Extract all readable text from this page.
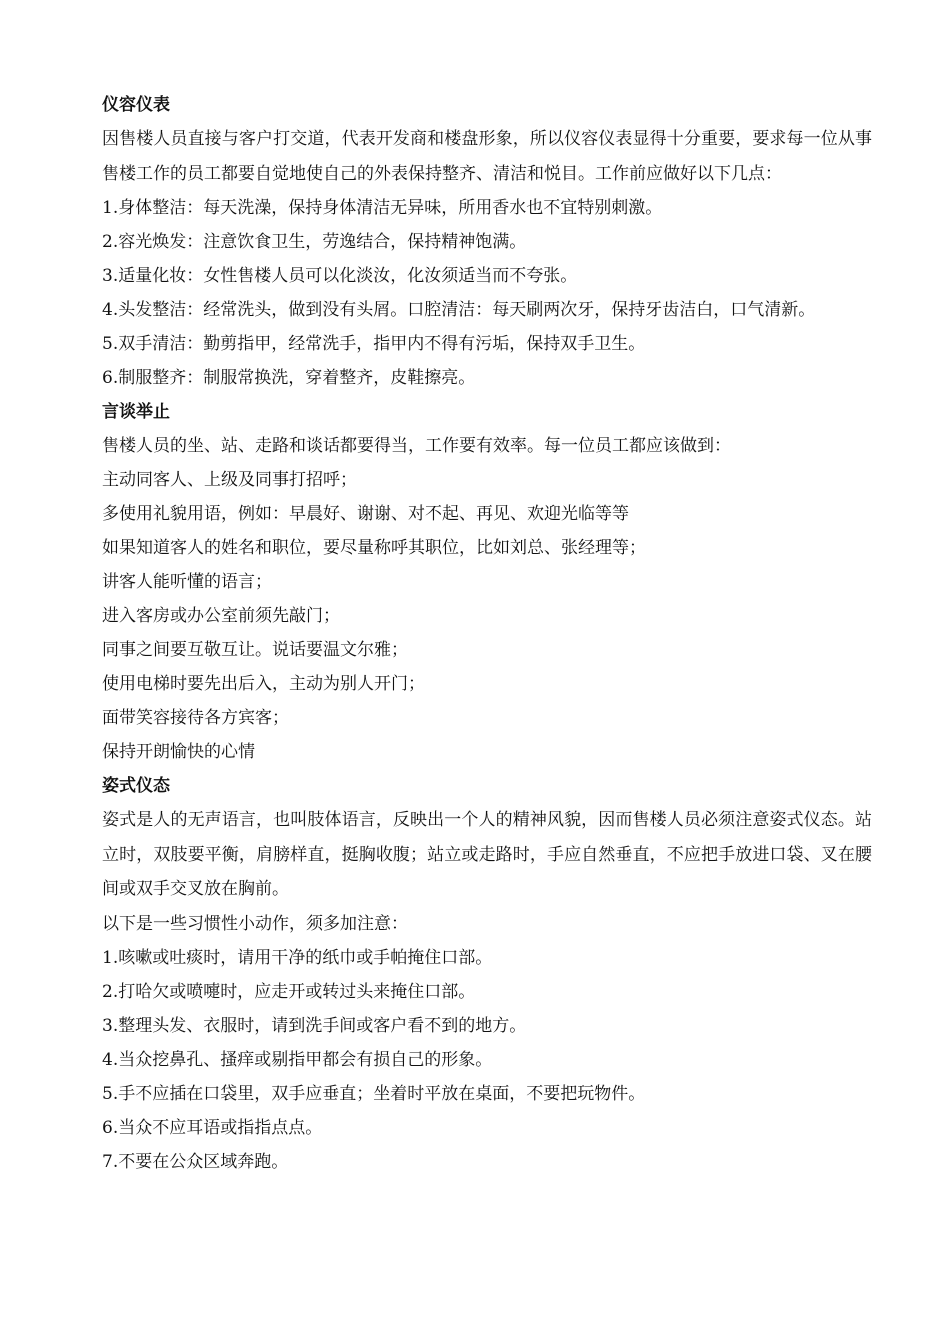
仪容仪表

因售楼人员直接与客户打交道，代表开发商和楼盘形象，所以仪容仪表显得十分重要，要求每一位从事售楼工作的员工都要自觉地使自己的外表保持整齐、清洁和悦目。工作前应做好以下几点：

1.身体整洁：每天洗澡，保持身体清洁无异味，所用香水也不宜特别刺激。
2.容光焕发：注意饮食卫生，劳逸结合，保持精神饱满。
3.适量化妆：女性售楼人员可以化淡汝，化汝须适当而不夸张。
4.头发整洁：经常洗头，做到没有头屑。口腔清洁：每天刷两次牙，保持牙齿洁白，口气清新。
5.双手清洁：勤剪指甲，经常洗手，指甲内不得有污垢，保持双手卫生。
6.制服整齐：制服常换洗，穿着整齐，皮鞋擦亮。
言谈举止
售楼人员的坐、站、走路和谈话都要得当，工作要有效率。每一位员工都应该做到：
主动同客人、上级及同事打招呼；
多使用礼貌用语，例如：早晨好、谢谢、对不起、再见、欢迎光临等等
如果知道客人的姓名和职位，要尽量称呼其职位，比如刘总、张经理等；
讲客人能听懂的语言；
进入客房或办公室前须先敲门；
同事之间要互敬互让。说话要温文尔雅；
使用电梯时要先出后入，主动为别人开门；
面带笑容接待各方宾客；
保持开朗愉快的心情
姿式仪态

姿式是人的无声语言，也叫肢体语言，反映出一个人的精神风貌，因而售楼人员必须注意姿式仪态。站立时，双肢要平衡，肩膀样直，挺胸收腹；站立或走路时，手应自然垂直，不应把手放进口袋、叉在腰间或双手交叉放在胸前。

以下是一些习惯性小动作，须多加注意：
1.咳嗽或吐痰时，请用干净的纸巾或手帕掩住口部。
2.打哈欠或喷嚏时，应走开或转过头来掩住口部。
3.整理头发、衣服时，请到洗手间或客户看不到的地方。
4.当众挖鼻孔、搔痒或剔指甲都会有损自己的形象。
5.手不应插在口袋里，双手应垂直；坐着时平放在桌面，不要把玩物件。
6.当众不应耳语或指指点点。
7.不要在公众区域奔跑。
